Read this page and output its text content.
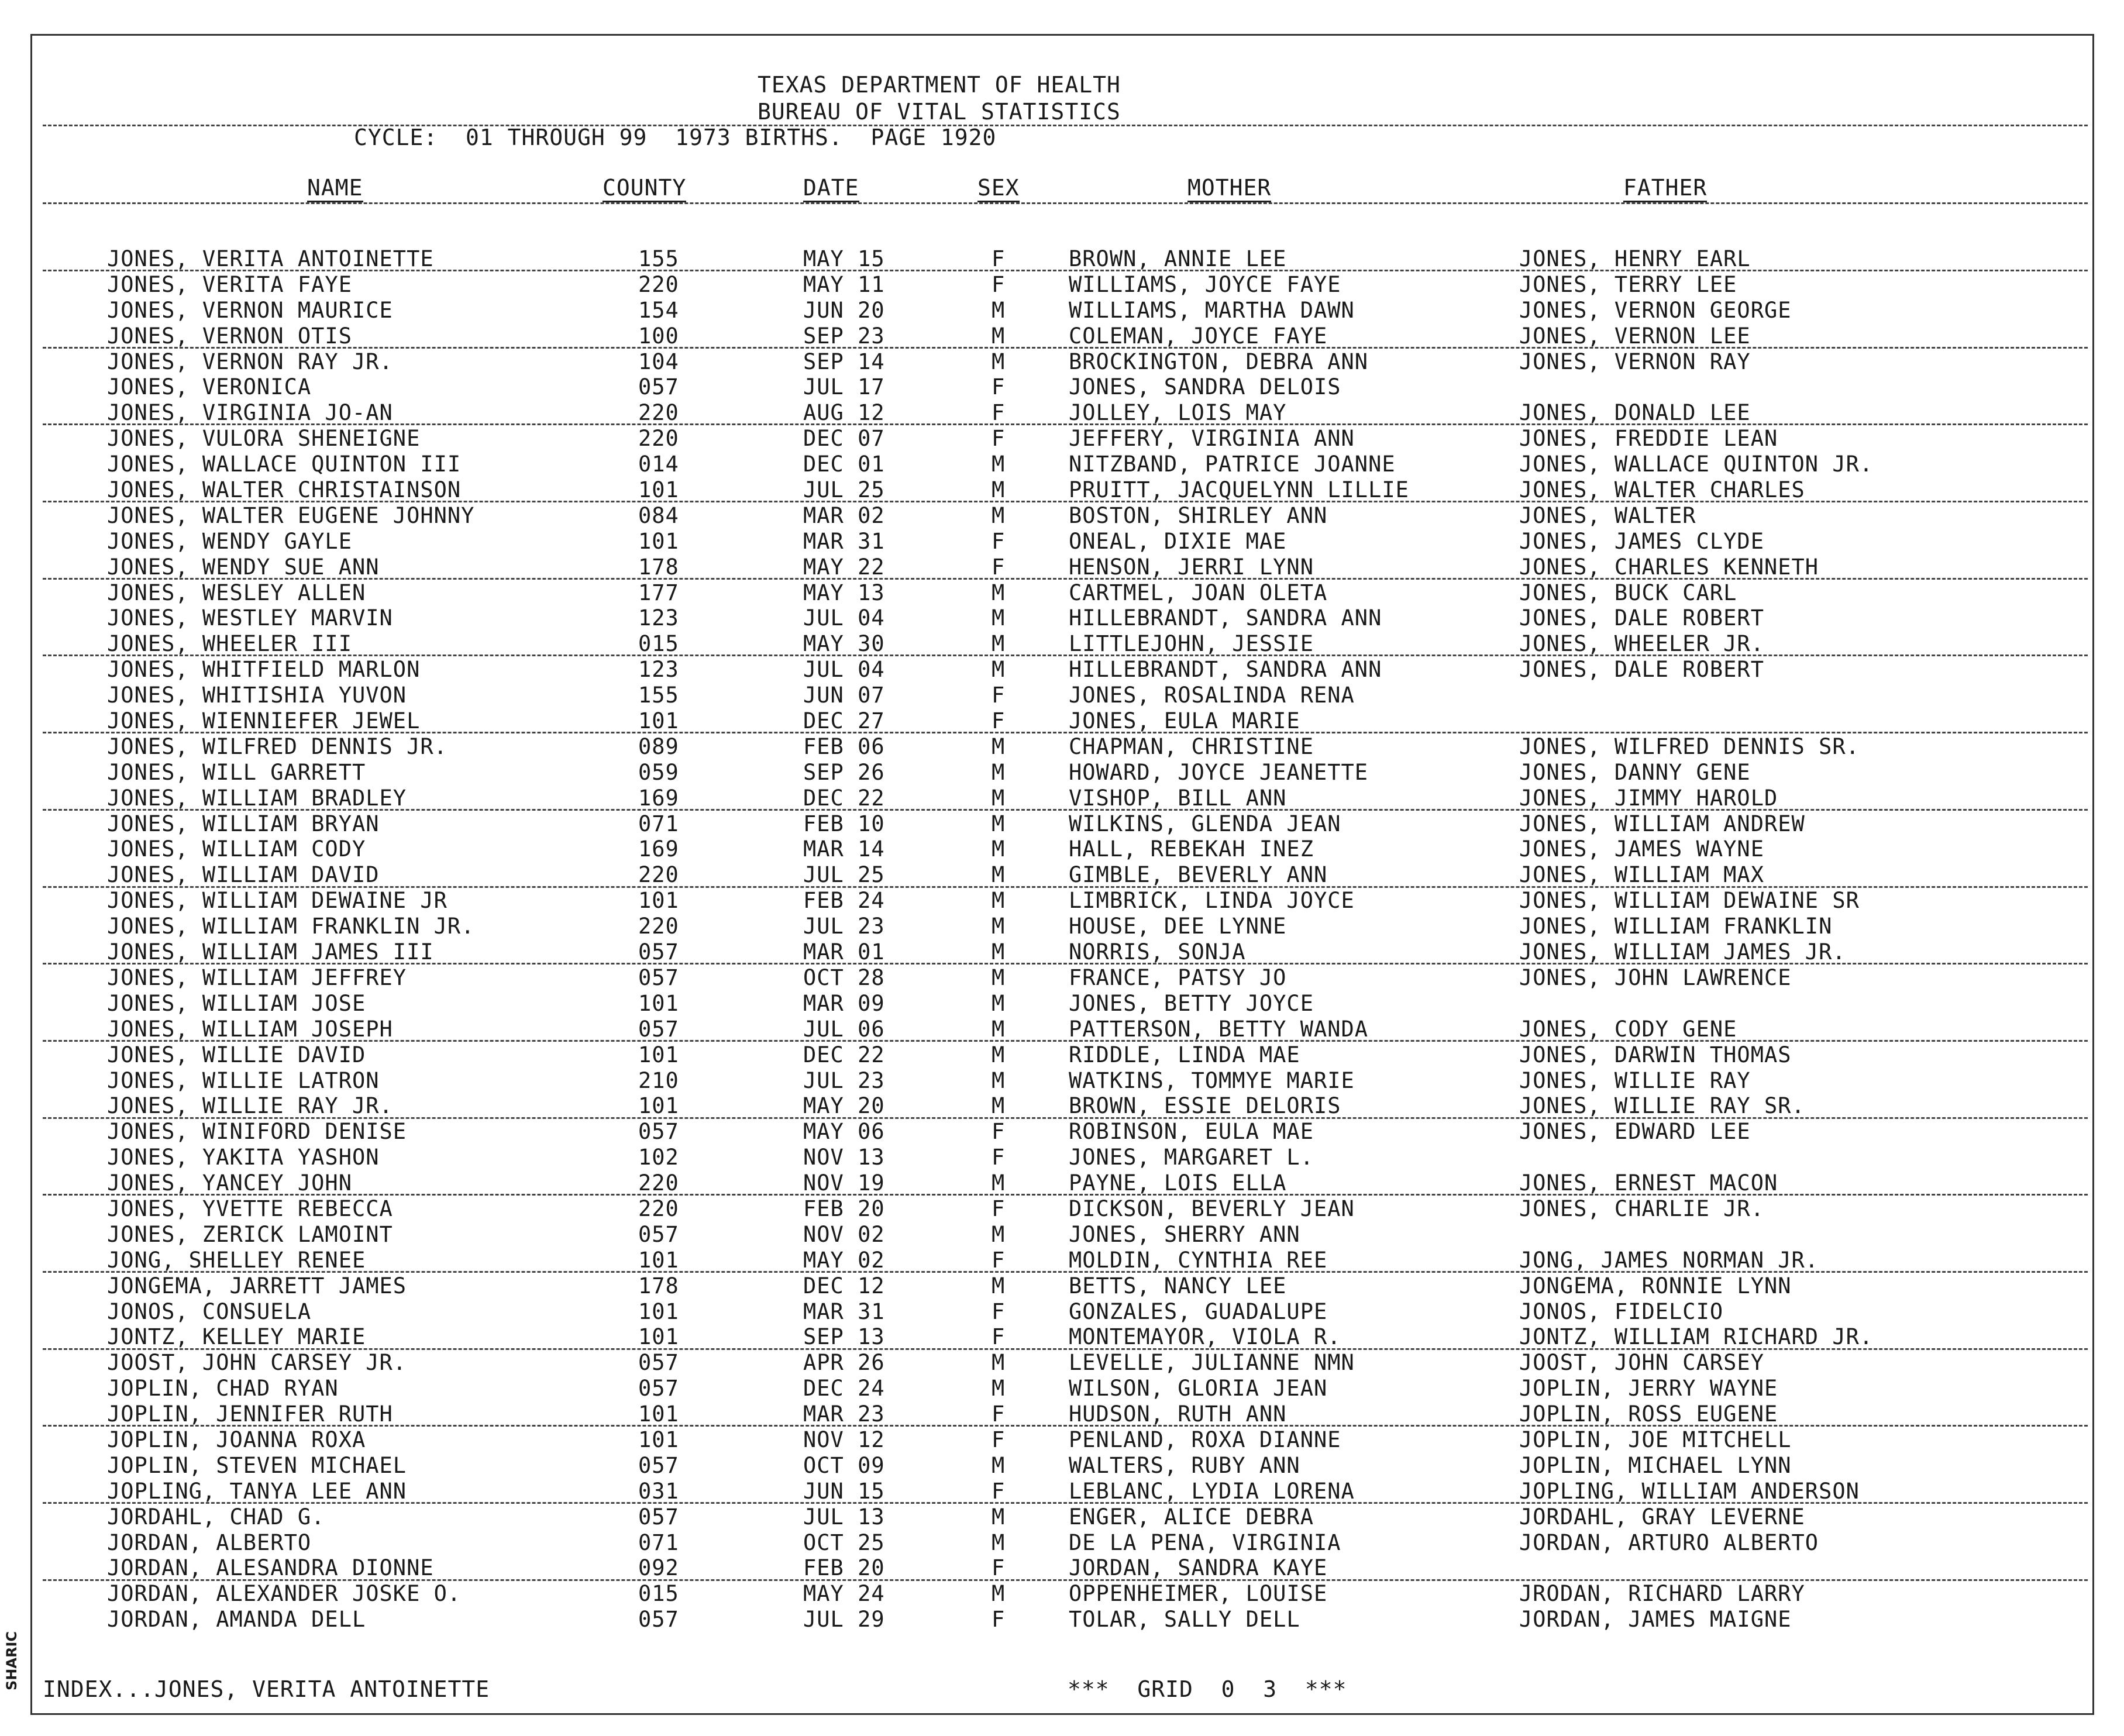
SHARIC
TEXAS DEPARTMENT OF HEALTH
BUREAU OF VITAL STATISTICS
CYCLE:  01 THROUGH 99  1973 BIRTHS.  PAGE 1920
NAME	COUNTY	DATE	SEX	MOTHER	FATHER
JONES, VERITA ANTOINETTE	155	MAY 15	F	BROWN, ANNIE LEE	JONES, HENRY EARL
JONES, VERITA FAYE	220	MAY 11	F	WILLIAMS, JOYCE FAYE	JONES, TERRY LEE
JONES, VERNON MAURICE	154	JUN 20	M	WILLIAMS, MARTHA DAWN	JONES, VERNON GEORGE
JONES, VERNON OTIS	100	SEP 23	M	COLEMAN, JOYCE FAYE	JONES, VERNON LEE
JONES, VERNON RAY JR.	104	SEP 14	M	BROCKINGTON, DEBRA ANN	JONES, VERNON RAY
JONES, VERONICA	057	JUL 17	F	JONES, SANDRA DELOIS
JONES, VIRGINIA JO-AN	220	AUG 12	F	JOLLEY, LOIS MAY	JONES, DONALD LEE
JONES, VULORA SHENEIGNE	220	DEC 07	F	JEFFERY, VIRGINIA ANN	JONES, FREDDIE LEAN
JONES, WALLACE QUINTON III	014	DEC 01	M	NITZBAND, PATRICE JOANNE	JONES, WALLACE QUINTON JR.
JONES, WALTER CHRISTAINSON	101	JUL 25	M	PRUITT, JACQUELYNN LILLIE	JONES, WALTER CHARLES
JONES, WALTER EUGENE JOHNNY	084	MAR 02	M	BOSTON, SHIRLEY ANN	JONES, WALTER
JONES, WENDY GAYLE	101	MAR 31	F	ONEAL, DIXIE MAE	JONES, JAMES CLYDE
JONES, WENDY SUE ANN	178	MAY 22	F	HENSON, JERRI LYNN	JONES, CHARLES KENNETH
JONES, WESLEY ALLEN	177	MAY 13	M	CARTMEL, JOAN OLETA	JONES, BUCK CARL
JONES, WESTLEY MARVIN	123	JUL 04	M	HILLEBRANDT, SANDRA ANN	JONES, DALE ROBERT
JONES, WHEELER III	015	MAY 30	M	LITTLEJOHN, JESSIE	JONES, WHEELER JR.
JONES, WHITFIELD MARLON	123	JUL 04	M	HILLEBRANDT, SANDRA ANN	JONES, DALE ROBERT
JONES, WHITISHIA YUVON	155	JUN 07	F	JONES, ROSALINDA RENA
JONES, WIENNIEFER JEWEL	101	DEC 27	F	JONES, EULA MARIE
JONES, WILFRED DENNIS JR.	089	FEB 06	M	CHAPMAN, CHRISTINE	JONES, WILFRED DENNIS SR.
JONES, WILL GARRETT	059	SEP 26	M	HOWARD, JOYCE JEANETTE	JONES, DANNY GENE
JONES, WILLIAM BRADLEY	169	DEC 22	M	VISHOP, BILL ANN	JONES, JIMMY HAROLD
JONES, WILLIAM BRYAN	071	FEB 10	M	WILKINS, GLENDA JEAN	JONES, WILLIAM ANDREW
JONES, WILLIAM CODY	169	MAR 14	M	HALL, REBEKAH INEZ	JONES, JAMES WAYNE
JONES, WILLIAM DAVID	220	JUL 25	M	GIMBLE, BEVERLY ANN	JONES, WILLIAM MAX
JONES, WILLIAM DEWAINE JR	101	FEB 24	M	LIMBRICK, LINDA JOYCE	JONES, WILLIAM DEWAINE SR
JONES, WILLIAM FRANKLIN JR.	220	JUL 23	M	HOUSE, DEE LYNNE	JONES, WILLIAM FRANKLIN
JONES, WILLIAM JAMES III	057	MAR 01	M	NORRIS, SONJA	JONES, WILLIAM JAMES JR.
JONES, WILLIAM JEFFREY	057	OCT 28	M	FRANCE, PATSY JO	JONES, JOHN LAWRENCE
JONES, WILLIAM JOSE	101	MAR 09	M	JONES, BETTY JOYCE
JONES, WILLIAM JOSEPH	057	JUL 06	M	PATTERSON, BETTY WANDA	JONES, CODY GENE
JONES, WILLIE DAVID	101	DEC 22	M	RIDDLE, LINDA MAE	JONES, DARWIN THOMAS
JONES, WILLIE LATRON	210	JUL 23	M	WATKINS, TOMMYE MARIE	JONES, WILLIE RAY
JONES, WILLIE RAY JR.	101	MAY 20	M	BROWN, ESSIE DELORIS	JONES, WILLIE RAY SR.
JONES, WINIFORD DENISE	057	MAY 06	F	ROBINSON, EULA MAE	JONES, EDWARD LEE
JONES, YAKITA YASHON	102	NOV 13	F	JONES, MARGARET L.
JONES, YANCEY JOHN	220	NOV 19	M	PAYNE, LOIS ELLA	JONES, ERNEST MACON
JONES, YVETTE REBECCA	220	FEB 20	F	DICKSON, BEVERLY JEAN	JONES, CHARLIE JR.
JONES, ZERICK LAMOINT	057	NOV 02	M	JONES, SHERRY ANN
JONG, SHELLEY RENEE	101	MAY 02	F	MOLDIN, CYNTHIA REE	JONG, JAMES NORMAN JR.
JONGEMA, JARRETT JAMES	178	DEC 12	M	BETTS, NANCY LEE	JONGEMA, RONNIE LYNN
JONOS, CONSUELA	101	MAR 31	F	GONZALES, GUADALUPE	JONOS, FIDELCIO
JONTZ, KELLEY MARIE	101	SEP 13	F	MONTEMAYOR, VIOLA R.	JONTZ, WILLIAM RICHARD JR.
JOOST, JOHN CARSEY JR.	057	APR 26	M	LEVELLE, JULIANNE NMN	JOOST, JOHN CARSEY
JOPLIN, CHAD RYAN	057	DEC 24	M	WILSON, GLORIA JEAN	JOPLIN, JERRY WAYNE
JOPLIN, JENNIFER RUTH	101	MAR 23	F	HUDSON, RUTH ANN	JOPLIN, ROSS EUGENE
JOPLIN, JOANNA ROXA	101	NOV 12	F	PENLAND, ROXA DIANNE	JOPLIN, JOE MITCHELL
JOPLIN, STEVEN MICHAEL	057	OCT 09	M	WALTERS, RUBY ANN	JOPLIN, MICHAEL LYNN
JOPLING, TANYA LEE ANN	031	JUN 15	F	LEBLANC, LYDIA LORENA	JOPLING, WILLIAM ANDERSON
JORDAHL, CHAD G.	057	JUL 13	M	ENGER, ALICE DEBRA	JORDAHL, GRAY LEVERNE
JORDAN, ALBERTO	071	OCT 25	M	DE LA PENA, VIRGINIA	JORDAN, ARTURO ALBERTO
JORDAN, ALESANDRA DIONNE	092	FEB 20	F	JORDAN, SANDRA KAYE
JORDAN, ALEXANDER JOSKE O.	015	MAY 24	M	OPPENHEIMER, LOUISE	JRODAN, RICHARD LARRY
JORDAN, AMANDA DELL	057	JUL 29	F	TOLAR, SALLY DELL	JORDAN, JAMES MAIGNE
INDEX...JONES, VERITA ANTOINETTE	***  GRID  0  3  ***
